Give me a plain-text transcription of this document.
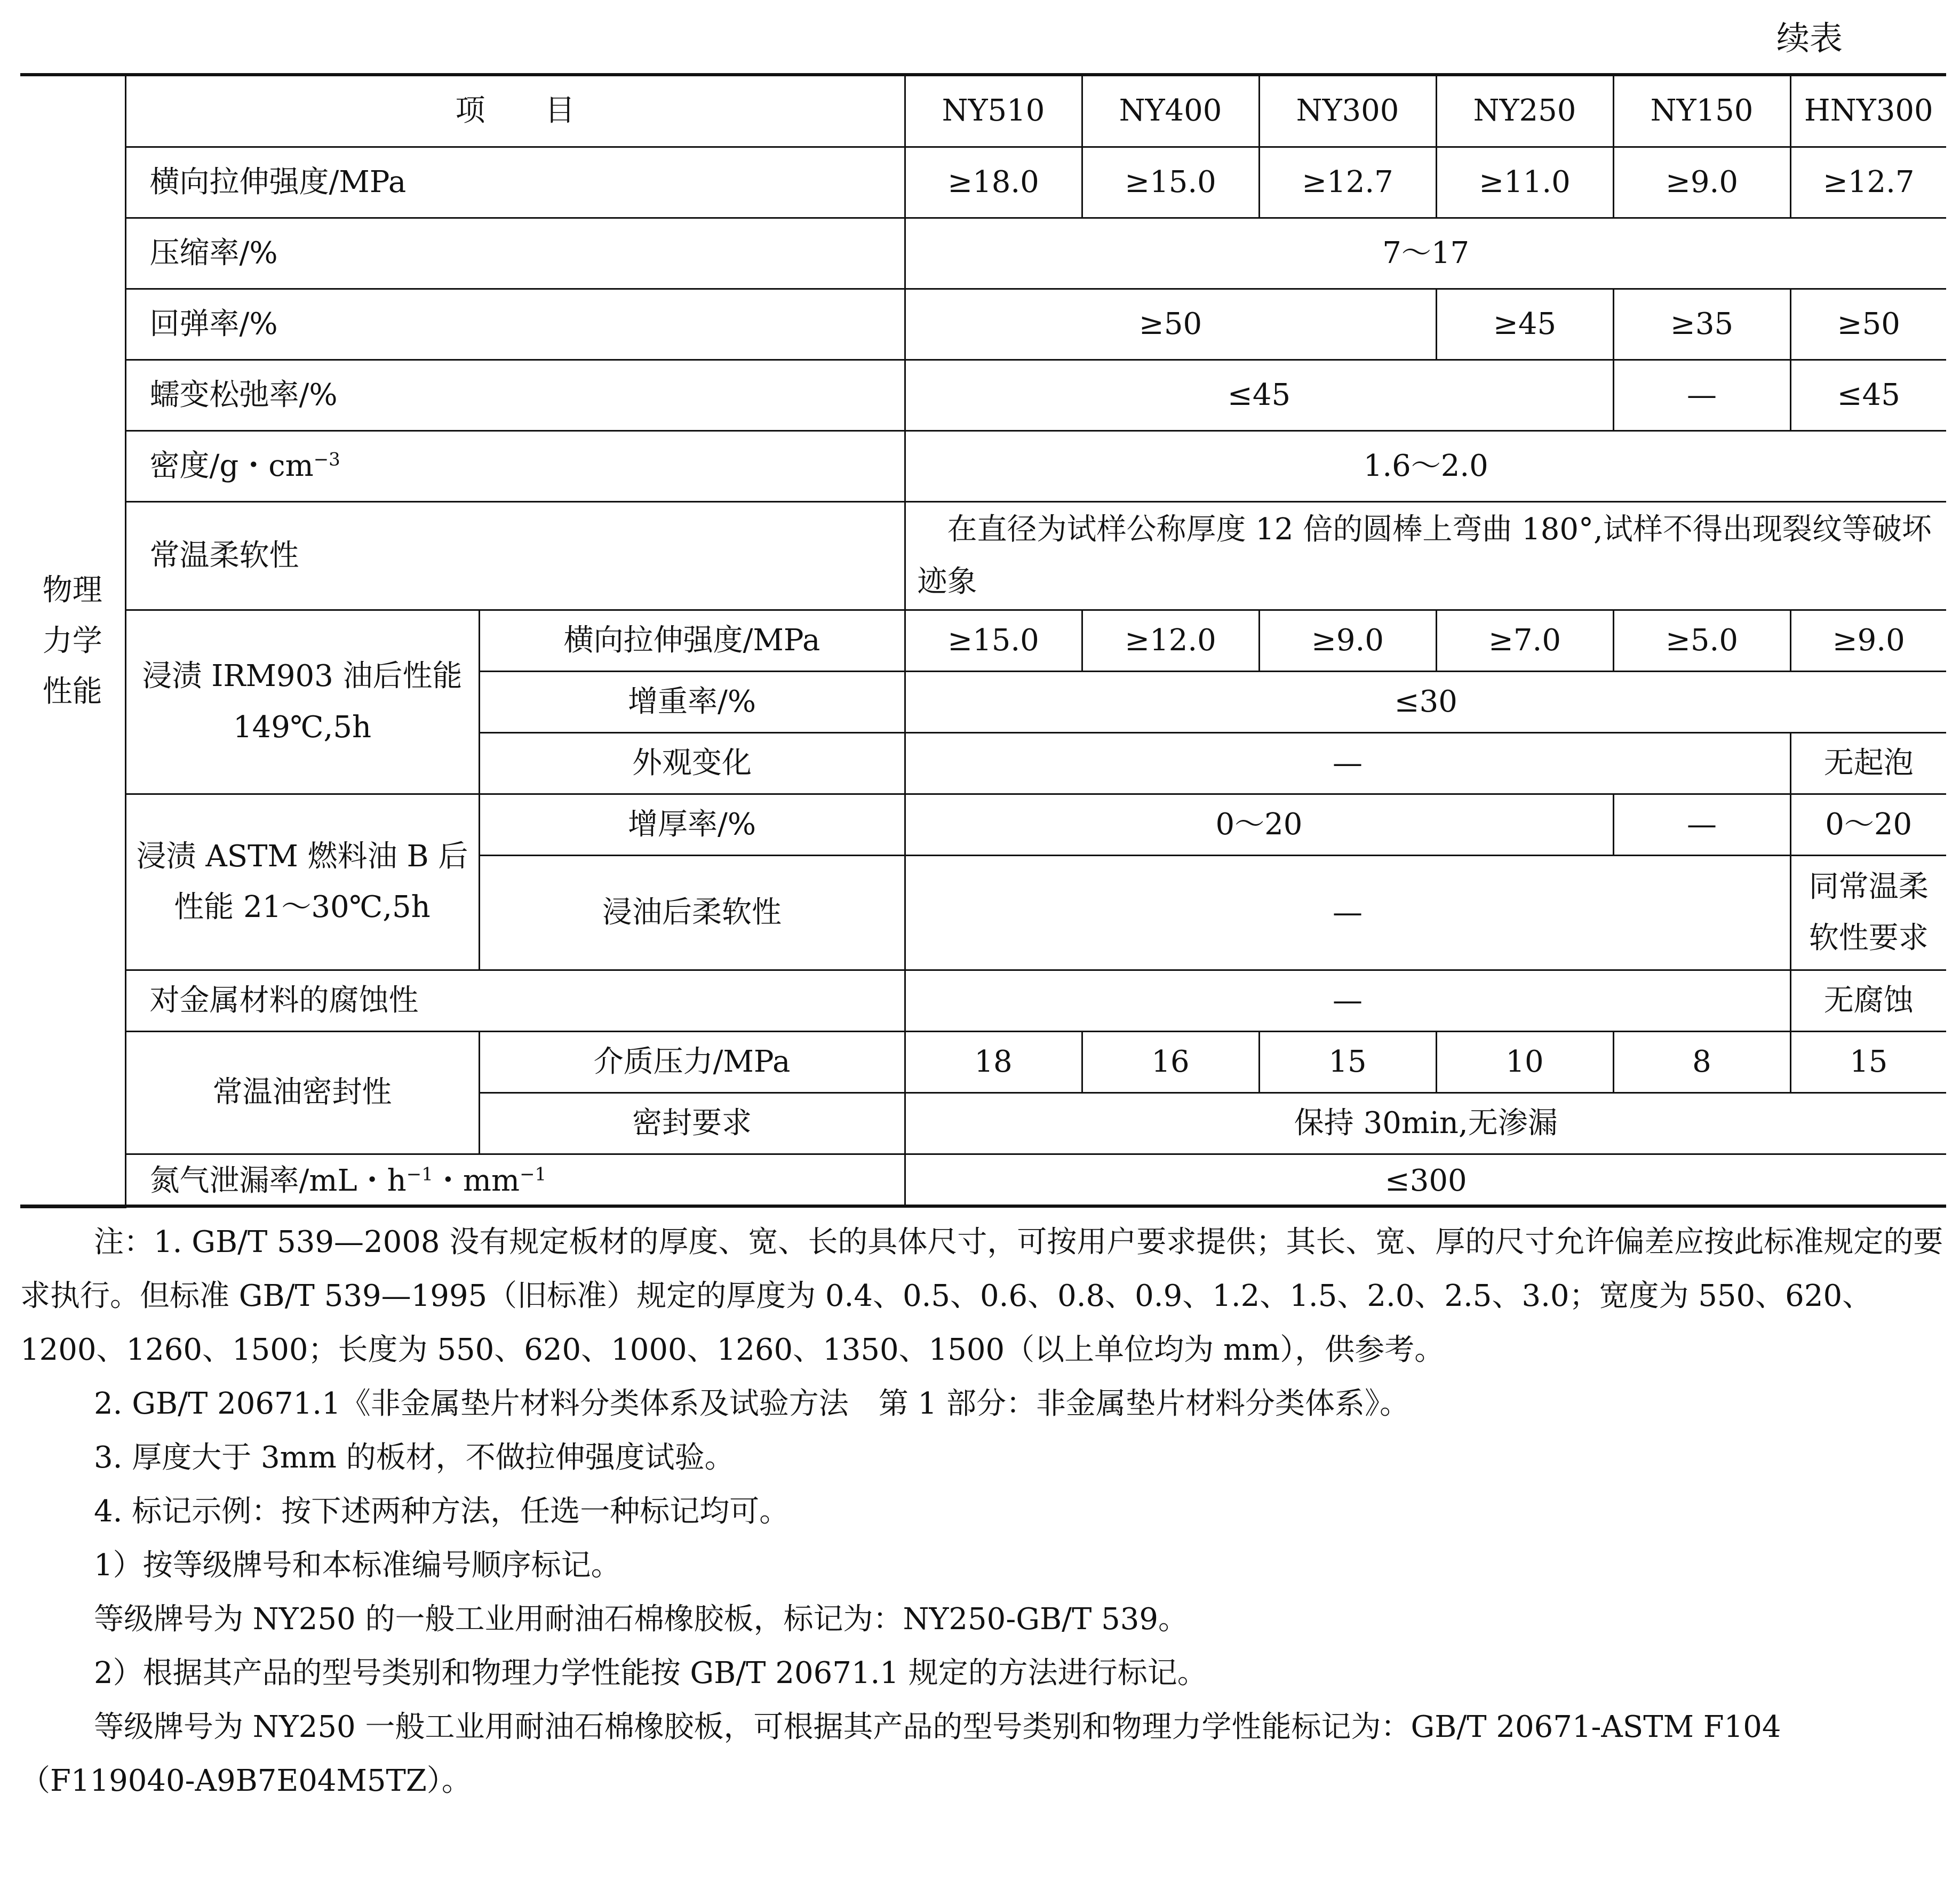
续表
物理力学性能	项　　目		NY510	NY400	NY300	NY250	NY150	HNY300
	横向拉伸强度/MPa		≥18.0	≥15.0	≥12.7	≥11.0	≥9.0	≥12.7
	压缩率/%		7～17					
	回弹率/%		≥50			≥45	≥35	≥50
	蠕变松弛率/%		≤45				—	≤45
	密度/g・$cm^{-3}$		1.6～2.0					
	常温柔软性		　在直径为试样公称厚度 12 倍的圆棒上弯曲 180°,试样不得出现裂纹等破坏迹象					
	浸渍 IRM903 油后性能 149℃,5h	横向拉伸强度/MPa	≥15.0	≥12.0	≥9.0	≥7.0	≥5.0	≥9.0
		增重率/%	≤30					
		外观变化	—					无起泡
	浸渍 ASTM 燃料油 B 后性能 21～30℃,5h	增厚率/%	0～20				—	0～20
		浸油后柔软性	—					同常温柔软性要求
	对金属材料的腐蚀性		—					无腐蚀
	常温油密封性	介质压力/MPa	18	16	15	10	8	15
		密封要求	保持 30min,无渗漏					
	氮气泄漏率/mL・$h^{-1}$・$mm^{-1}$		≤300					

注：1. GB/T 539—2008 没有规定板材的厚度、宽、长的具体尺寸，可按用户要求提供；其长、宽、厚的尺寸允许偏差应按此标准规定的要求执行。但标准 GB/T 539—1995（旧标准）规定的厚度为 0.4、0.5、0.6、0.8、0.9、1.2、1.5、2.0、2.5、3.0；宽度为 550、620、1200、1260、1500；长度为 550、620、1000、1260、1350、1500（以上单位均为 mm），供参考。

2. GB/T 20671.1《非金属垫片材料分类体系及试验方法　第 1 部分：非金属垫片材料分类体系》。

3. 厚度大于 3mm 的板材，不做拉伸强度试验。

4. 标记示例：按下述两种方法，任选一种标记均可。

1）按等级牌号和本标准编号顺序标记。

等级牌号为 NY250 的一般工业用耐油石棉橡胶板，标记为：NY250-GB/T 539。

2）根据其产品的型号类别和物理力学性能按 GB/T 20671.1 规定的方法进行标记。

等级牌号为 NY250 一般工业用耐油石棉橡胶板，可根据其产品的型号类别和物理力学性能标记为：GB/T 20671-ASTM F104（F119040-A9B7E04M5TZ）。
